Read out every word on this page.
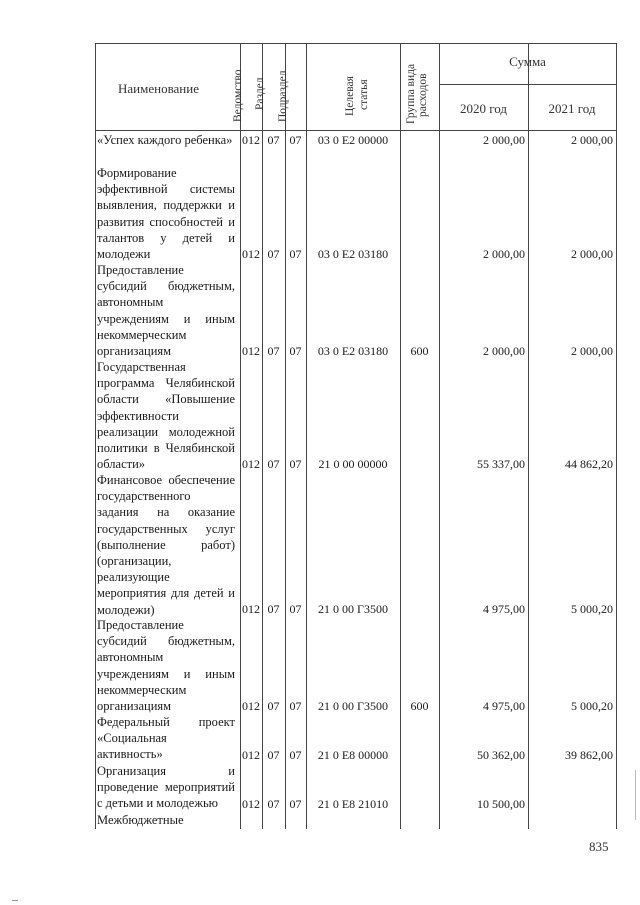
Наименование	Ведомство Раздел Подраздел	Целевая статья	Группа вида расходов
Сумма
2020 год	2021 год

«Успех каждого ребенка» 012 07 07	03 0 Е2 00000	2 000,00	2 000,00

Формирование эффективной системы выявления, поддержки и развития способностей и талантов у детей и молодежи	012 07 07	03 0 Е2 03180	2 000,00	2 000,00

Предоставление субсидий бюджетным, автономным учреждениям и иным некоммерческим организациям	012 07 07	03 0 Е2 03180	600	2 000,00	2 000,00

Государственная программа Челябинской области «Повышение эффективности реализации молодежной политики в Челябинской области»	012 07 07	21 0 00 00000	55 337,00	44 862,20

Финансовое обеспечение государственного задания на оказание государственных услуг (выполнение работ) (организации, реализующие мероприятия для детей и молодежи)	012 07 07	21 0 00 Г3500	4 975,00	5 000,20

Предоставление субсидий бюджетным, автономным учреждениям и иным некоммерческим организациям	012 07 07	21 0 00 Г3500	600	4 975,00	5 000,20

Федеральный проект «Социальная активность»	012 07 07	21 0 Е8 00000	50 362,00	39 862,00

Организация и проведение мероприятий с детьми и молодежью	012 07 07	21 0 Е8 21010	10 500,00

Межбюджетные

835
